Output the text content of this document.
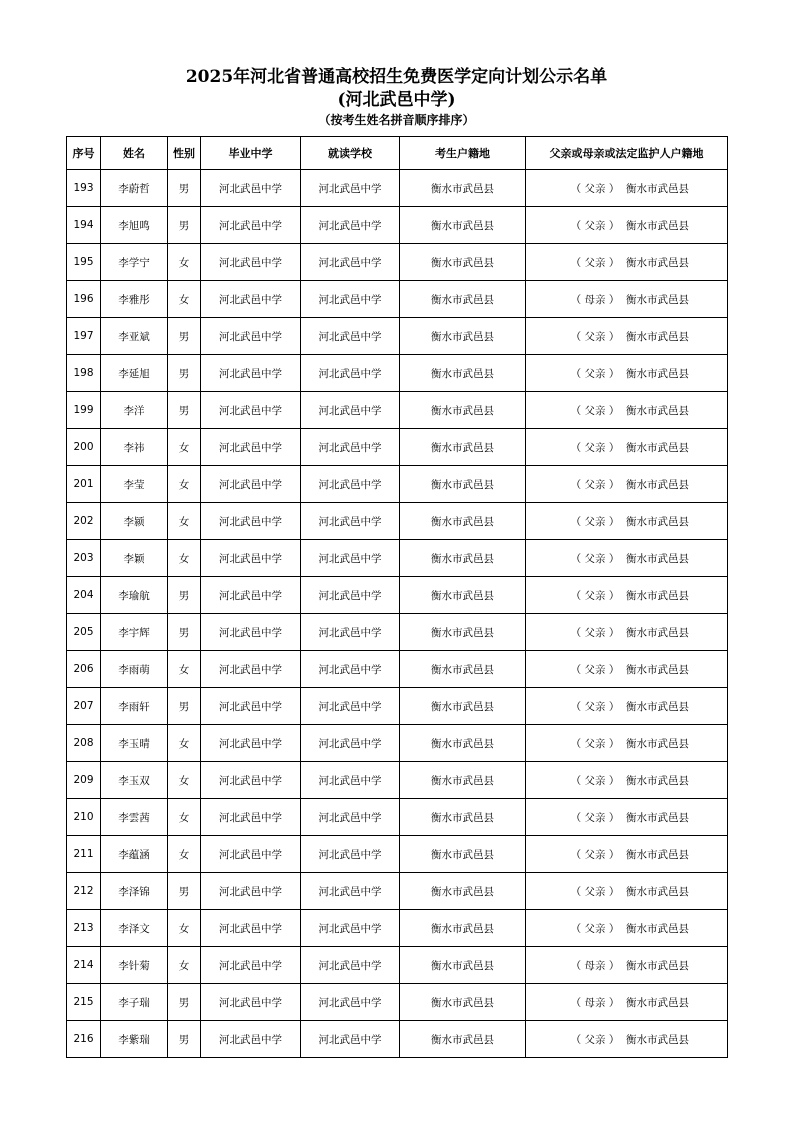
2025年河北省普通高校招生免费医学定向计划公示名单
(河北武邑中学)
（按考生姓名拼音顺序排序）
序号	姓名	性别	毕业中学	就读学校	考生户籍地	父亲或母亲或法定监护人户籍地
193	李蔚哲	男	河北武邑中学	河北武邑中学	衡水市武邑县	（ 父亲 ） 衡水市武邑县
194	李旭鸣	男	河北武邑中学	河北武邑中学	衡水市武邑县	（ 父亲 ） 衡水市武邑县
195	李学宁	女	河北武邑中学	河北武邑中学	衡水市武邑县	（ 父亲 ） 衡水市武邑县
196	李雅彤	女	河北武邑中学	河北武邑中学	衡水市武邑县	（ 母亲 ） 衡水市武邑县
197	李亚斌	男	河北武邑中学	河北武邑中学	衡水市武邑县	（ 父亲 ） 衡水市武邑县
198	李延旭	男	河北武邑中学	河北武邑中学	衡水市武邑县	（ 父亲 ） 衡水市武邑县
199	李洋	男	河北武邑中学	河北武邑中学	衡水市武邑县	（ 父亲 ） 衡水市武邑县
200	李祎	女	河北武邑中学	河北武邑中学	衡水市武邑县	（ 父亲 ） 衡水市武邑县
201	李莹	女	河北武邑中学	河北武邑中学	衡水市武邑县	（ 父亲 ） 衡水市武邑县
202	李颍	女	河北武邑中学	河北武邑中学	衡水市武邑县	（ 父亲 ） 衡水市武邑县
203	李颖	女	河北武邑中学	河北武邑中学	衡水市武邑县	（ 父亲 ） 衡水市武邑县
204	李瑜航	男	河北武邑中学	河北武邑中学	衡水市武邑县	（ 父亲 ） 衡水市武邑县
205	李宇辉	男	河北武邑中学	河北武邑中学	衡水市武邑县	（ 父亲 ） 衡水市武邑县
206	李雨萌	女	河北武邑中学	河北武邑中学	衡水市武邑县	（ 父亲 ） 衡水市武邑县
207	李雨轩	男	河北武邑中学	河北武邑中学	衡水市武邑县	（ 父亲 ） 衡水市武邑县
208	李玉晴	女	河北武邑中学	河北武邑中学	衡水市武邑县	（ 父亲 ） 衡水市武邑县
209	李玉双	女	河北武邑中学	河北武邑中学	衡水市武邑县	（ 父亲 ） 衡水市武邑县
210	李雲茜	女	河北武邑中学	河北武邑中学	衡水市武邑县	（ 父亲 ） 衡水市武邑县
211	李蕴涵	女	河北武邑中学	河北武邑中学	衡水市武邑县	（ 父亲 ） 衡水市武邑县
212	李泽锦	男	河北武邑中学	河北武邑中学	衡水市武邑县	（ 父亲 ） 衡水市武邑县
213	李泽文	女	河北武邑中学	河北武邑中学	衡水市武邑县	（ 父亲 ） 衡水市武邑县
214	李针菊	女	河北武邑中学	河北武邑中学	衡水市武邑县	（ 母亲 ） 衡水市武邑县
215	李子瑞	男	河北武邑中学	河北武邑中学	衡水市武邑县	（ 母亲 ） 衡水市武邑县
216	李紫瑞	男	河北武邑中学	河北武邑中学	衡水市武邑县	（ 父亲 ） 衡水市武邑县
